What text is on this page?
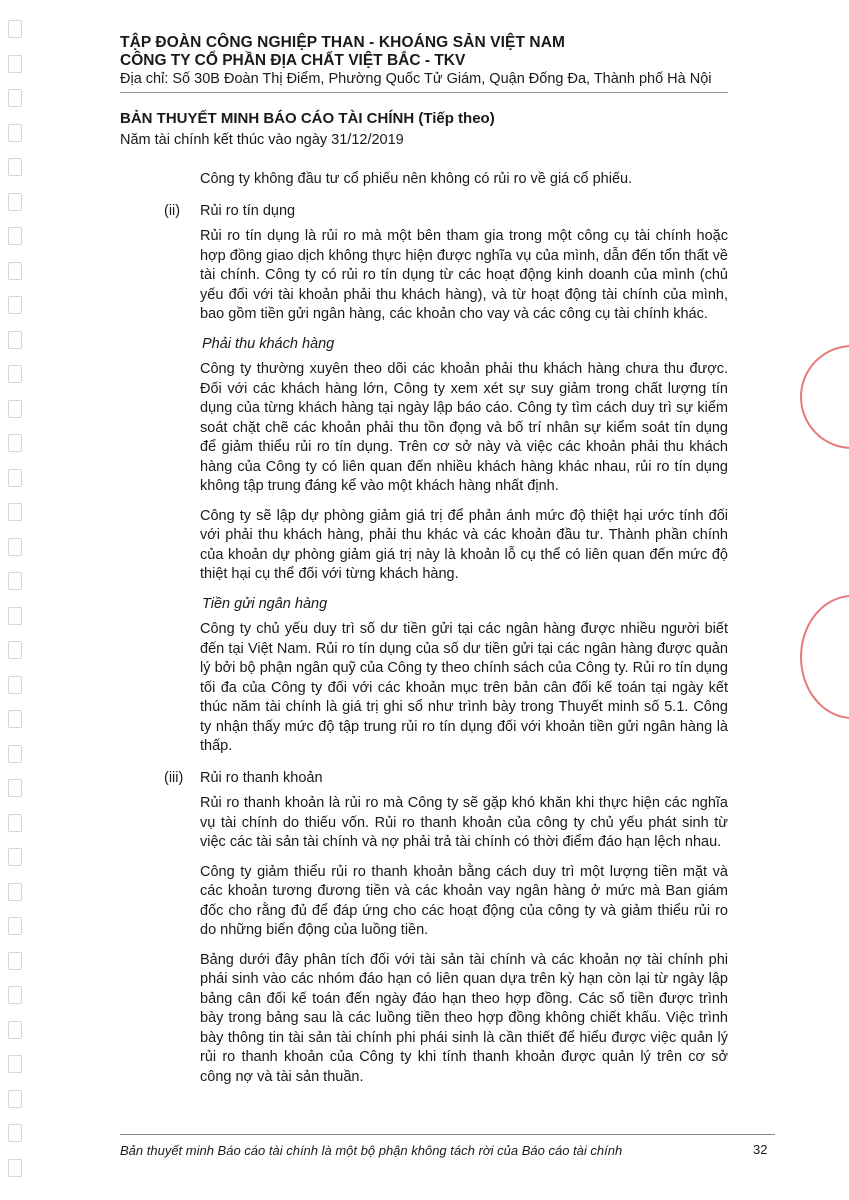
TẬP ĐOÀN CÔNG NGHIỆP THAN - KHOÁNG SẢN VIỆT NAM
CÔNG TY CỔ PHẦN ĐỊA CHẤT VIỆT BẮC - TKV
Địa chỉ: Số 30B Đoàn Thị Điểm, Phường Quốc Tử Giám, Quận Đống Đa, Thành phố Hà Nội
BẢN THUYẾT MINH BÁO CÁO TÀI CHÍNH (Tiếp theo)
Năm tài chính kết thúc vào ngày 31/12/2019

Công ty không đầu tư cổ phiếu nên không có rủi ro về giá cổ phiếu.

(ii)	Rủi ro tín dụng

Rủi ro tín dụng là rủi ro mà một bên tham gia trong một công cụ tài chính hoặc hợp đồng giao dịch không thực hiện được nghĩa vụ của mình, dẫn đến tổn thất về tài chính. Công ty có rủi ro tín dụng từ các hoạt động kinh doanh của mình (chủ yếu đối với tài khoản phải thu khách hàng), và từ hoạt động tài chính của mình, bao gồm tiền gửi ngân hàng, các khoản cho vay và các công cụ tài chính khác.

Phải thu khách hàng

Công ty thường xuyên theo dõi các khoản phải thu khách hàng chưa thu được. Đối với các khách hàng lớn, Công ty xem xét sự suy giảm trong chất lượng tín dụng của từng khách hàng tại ngày lập báo cáo. Công ty tìm cách duy trì sự kiểm soát chặt chẽ các khoản phải thu tồn đọng và bố trí nhân sự kiểm soát tín dụng để giảm thiểu rủi ro tín dụng. Trên cơ sở này và việc các khoản phải thu khách hàng của Công ty có liên quan đến nhiều khách hàng khác nhau, rủi ro tín dụng không tập trung đáng kể vào một khách hàng nhất định.

Công ty sẽ lập dự phòng giảm giá trị để phản ánh mức độ thiệt hại ước tính đối với phải thu khách hàng, phải thu khác và các khoản đầu tư. Thành phần chính của khoản dự phòng giảm giá trị này là khoản lỗ cụ thể có liên quan đến mức độ thiệt hại cụ thể đối với từng khách hàng.

Tiền gửi ngân hàng

Công ty chủ yếu duy trì số dư tiền gửi tại các ngân hàng được nhiều người biết đến tại Việt Nam. Rủi ro tín dụng của số dư tiền gửi tại các ngân hàng được quản lý bởi bộ phận ngân quỹ của Công ty theo chính sách của Công ty. Rủi ro tín dụng tối đa của Công ty đối với các khoản mục trên bản cân đối kế toán tại ngày kết thúc năm tài chính là giá trị ghi sổ như trình bày trong Thuyết minh số 5.1. Công ty nhận thấy mức độ tập trung rủi ro tín dụng đối với khoản tiền gửi ngân hàng là thấp.

(iii)	Rủi ro thanh khoản

Rủi ro thanh khoản là rủi ro mà Công ty sẽ gặp khó khăn khi thực hiện các nghĩa vụ tài chính do thiếu vốn. Rủi ro thanh khoản của công ty chủ yếu phát sinh từ việc các tài sản tài chính và nợ phải trả tài chính có thời điểm đáo hạn lệch nhau.

Công ty giảm thiểu rủi ro thanh khoản bằng cách duy trì một lượng tiền mặt và các khoản tương đương tiền và các khoản vay ngân hàng ở mức mà Ban giám đốc cho rằng đủ để đáp ứng cho các hoạt động của công ty và giảm thiểu rủi ro do những biến động của luồng tiền.

Bảng dưới đây phân tích đối với tài sản tài chính và các khoản nợ tài chính phi phái sinh vào các nhóm đáo hạn có liên quan dựa trên kỳ hạn còn lại từ ngày lập bảng cân đối kế toán đến ngày đáo hạn theo hợp đồng. Các số tiền được trình bày trong bảng sau là các luồng tiền theo hợp đồng không chiết khấu. Việc trình bày thông tin tài sản tài chính phi phái sinh là cần thiết để hiểu được việc quản lý rủi ro thanh khoản của Công ty khi tính thanh khoản được quản lý trên cơ sở công nợ và tài sản thuần.

Bản thuyết minh Báo cáo tài chính là một bộ phận không tách rời của Báo cáo tài chính	32
